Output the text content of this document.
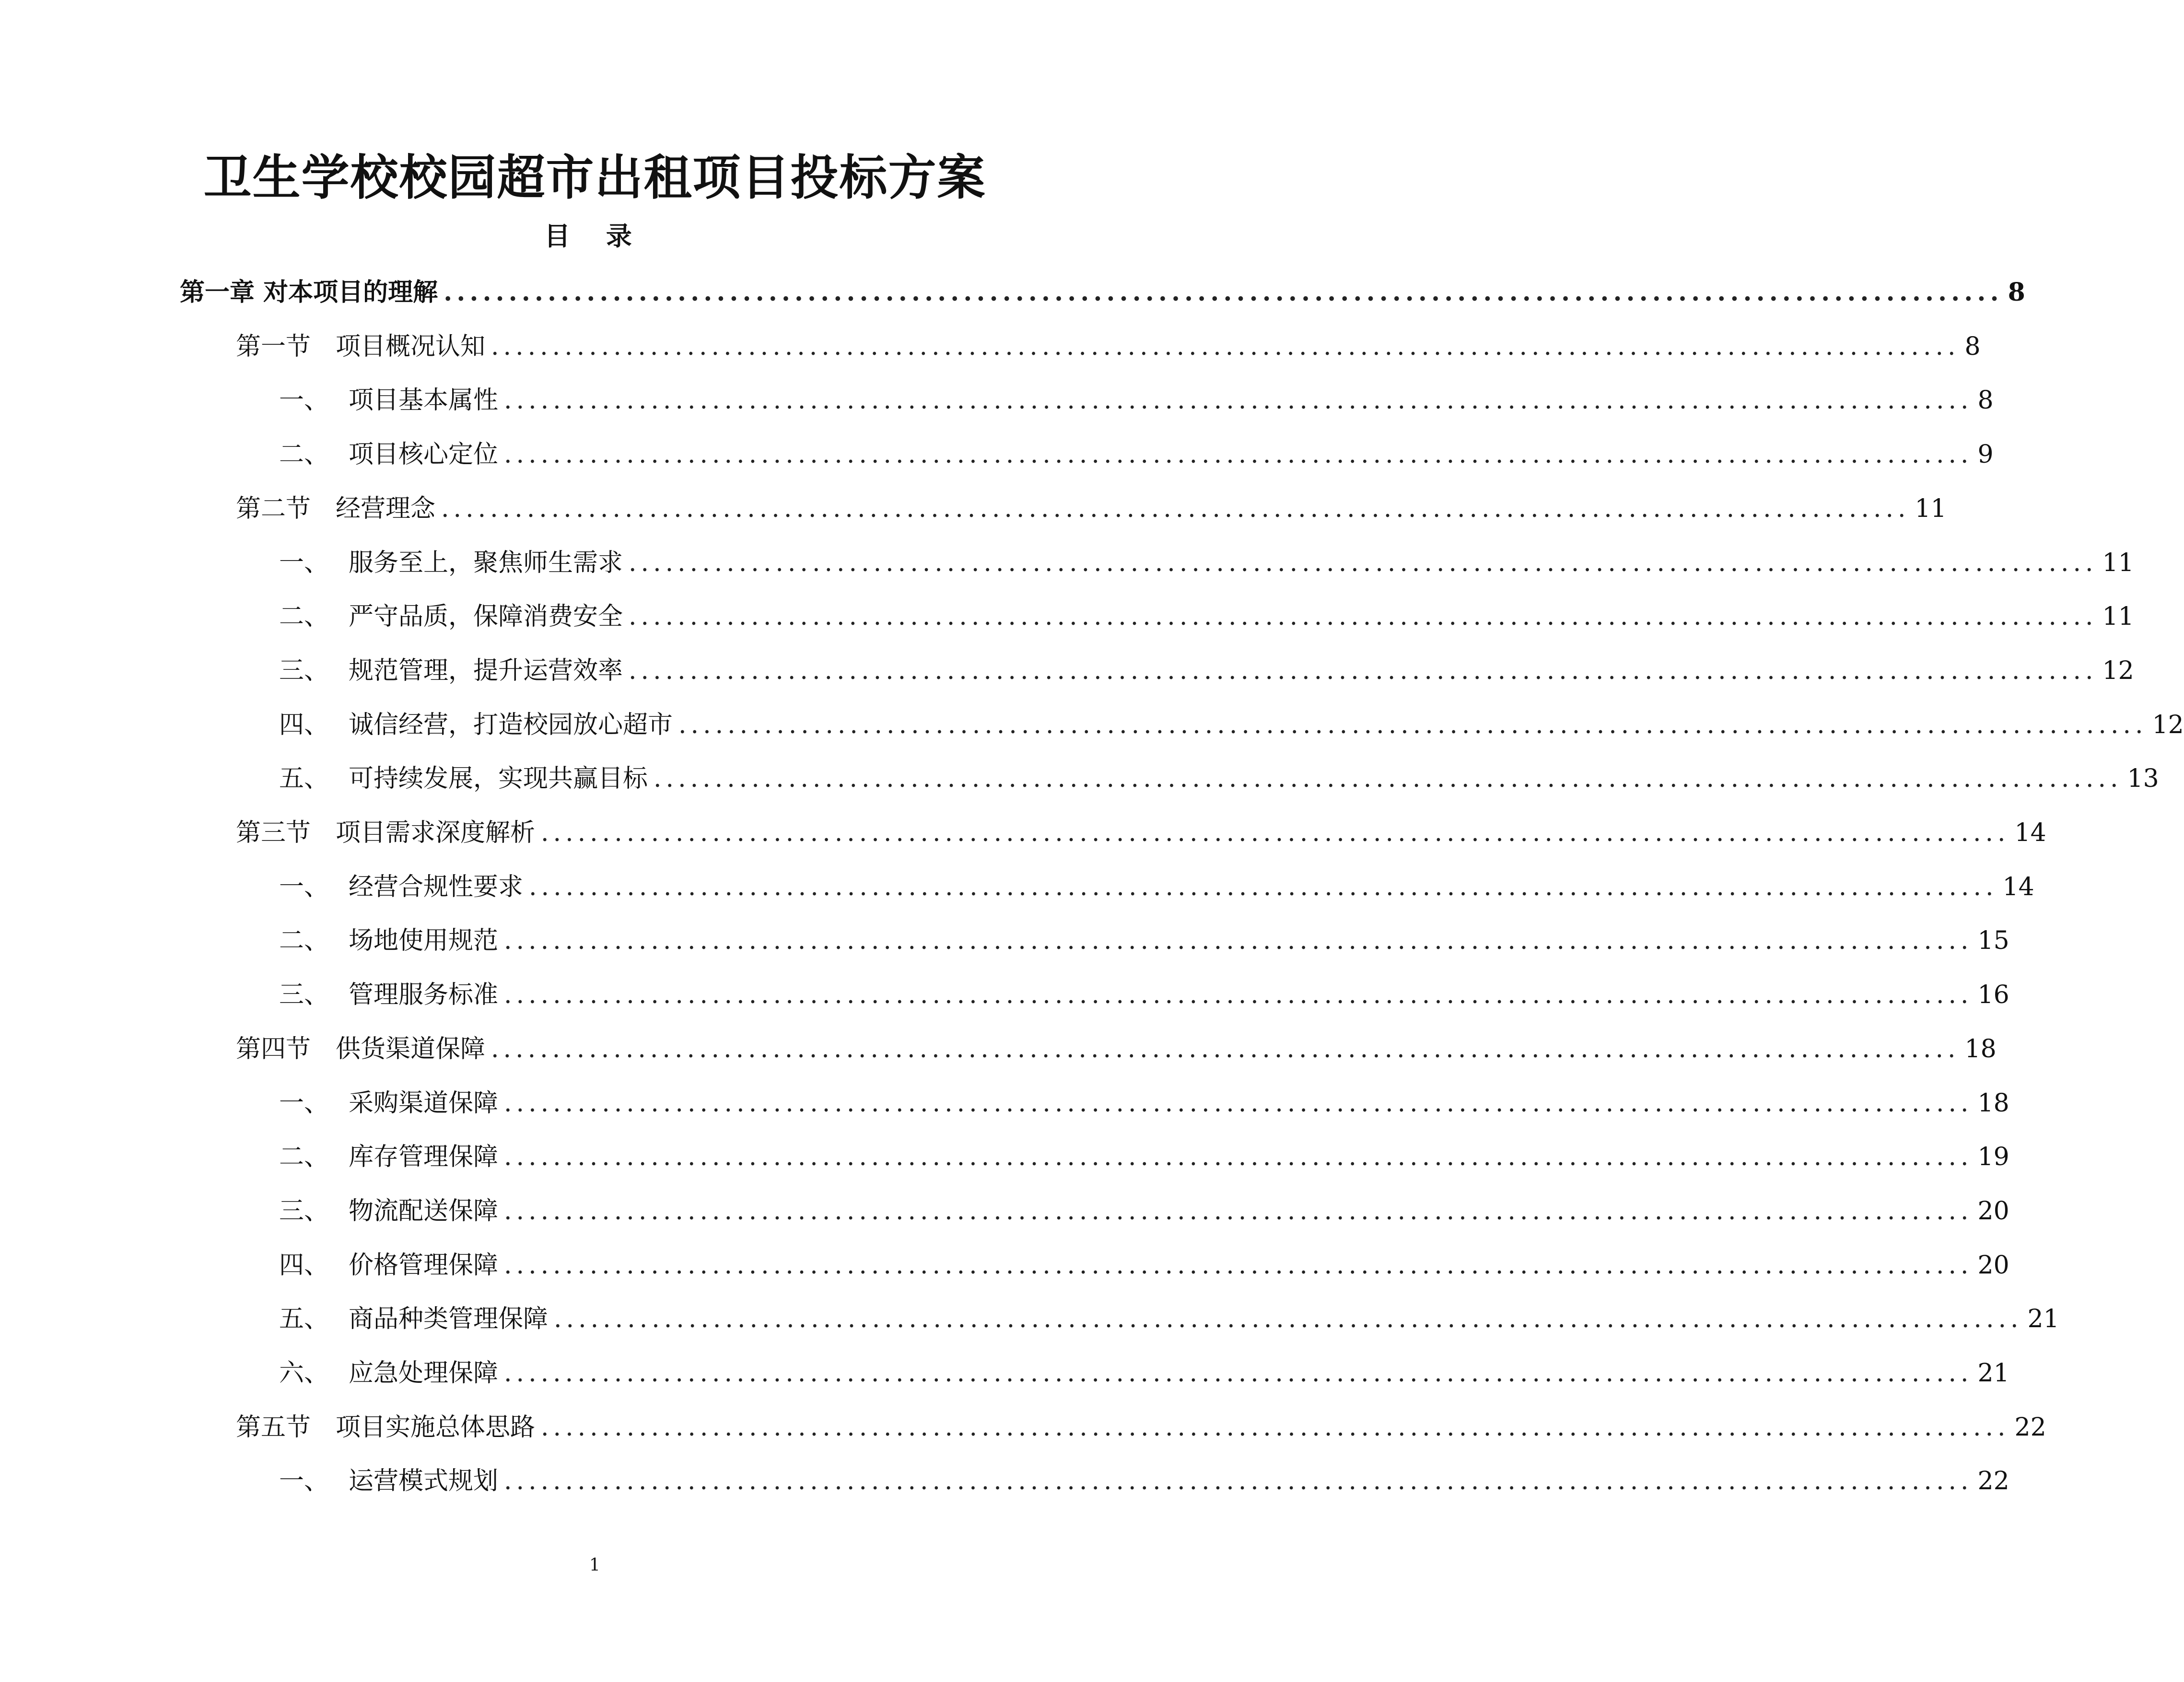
卫生学校校园超市出租项目投标方案
目 录
第一章
对本项目的理解 ........................................................................................................................ 8
第一节 项目概况认知 ........................................................................................................................ 8
一、 项目基本属性 ........................................................................................................................ 8
二、 项目核心定位 ........................................................................................................................ 9
第二节 经营理念 ........................................................................................................................ 11
一、 服务至上，聚焦师生需求 ........................................................................................................................ 11
二、 严守品质，保障消费安全 ........................................................................................................................ 11
三、 规范管理，提升运营效率 ........................................................................................................................ 12
四、 诚信经营，打造校园放心超市 ........................................................................................................................ 12
五、 可持续发展，实现共赢目标 ........................................................................................................................ 13
第三节 项目需求深度解析 ........................................................................................................................ 14
一、 经营合规性要求 ........................................................................................................................ 14
二、 场地使用规范 ........................................................................................................................ 15
三、 管理服务标准 ........................................................................................................................ 16
第四节 供货渠道保障 ........................................................................................................................ 18
一、 采购渠道保障 ........................................................................................................................ 18
二、 库存管理保障 ........................................................................................................................ 19
三、 物流配送保障 ........................................................................................................................ 20
四、 价格管理保障 ........................................................................................................................ 20
五、 商品种类管理保障 ........................................................................................................................ 21
六、 应急处理保障 ........................................................................................................................ 21
第五节 项目实施总体思路 ........................................................................................................................ 22
一、 运营模式规划 ........................................................................................................................ 22
1
